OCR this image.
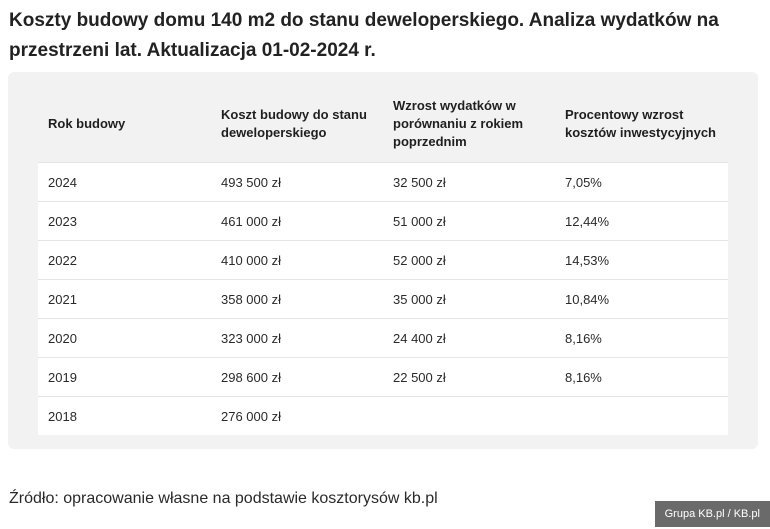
Koszty budowy domu 140 m2 do stanu deweloperskiego. Analiza wydatków na przestrzeni lat. Aktualizacja 01-02-2024 r.
Rok budowy	Koszt budowy do stanu deweloperskiego	Wzrost wydatków w porównaniu z rokiem poprzednim	Procentowy wzrost kosztów inwestycyjnych
2024	493 500 zł	32 500 zł	7,05%
2023	461 000 zł	51 000 zł	12,44%
2022	410 000 zł	52 000 zł	14,53%
2021	358 000 zł	35 000 zł	10,84%
2020	323 000 zł	24 400 zł	8,16%
2019	298 600 zł	22 500 zł	8,16%
2018	276 000 zł		
Źródło: opracowanie własne na podstawie kosztorysów kb.pl
Grupa KB.pl / KB.pl
